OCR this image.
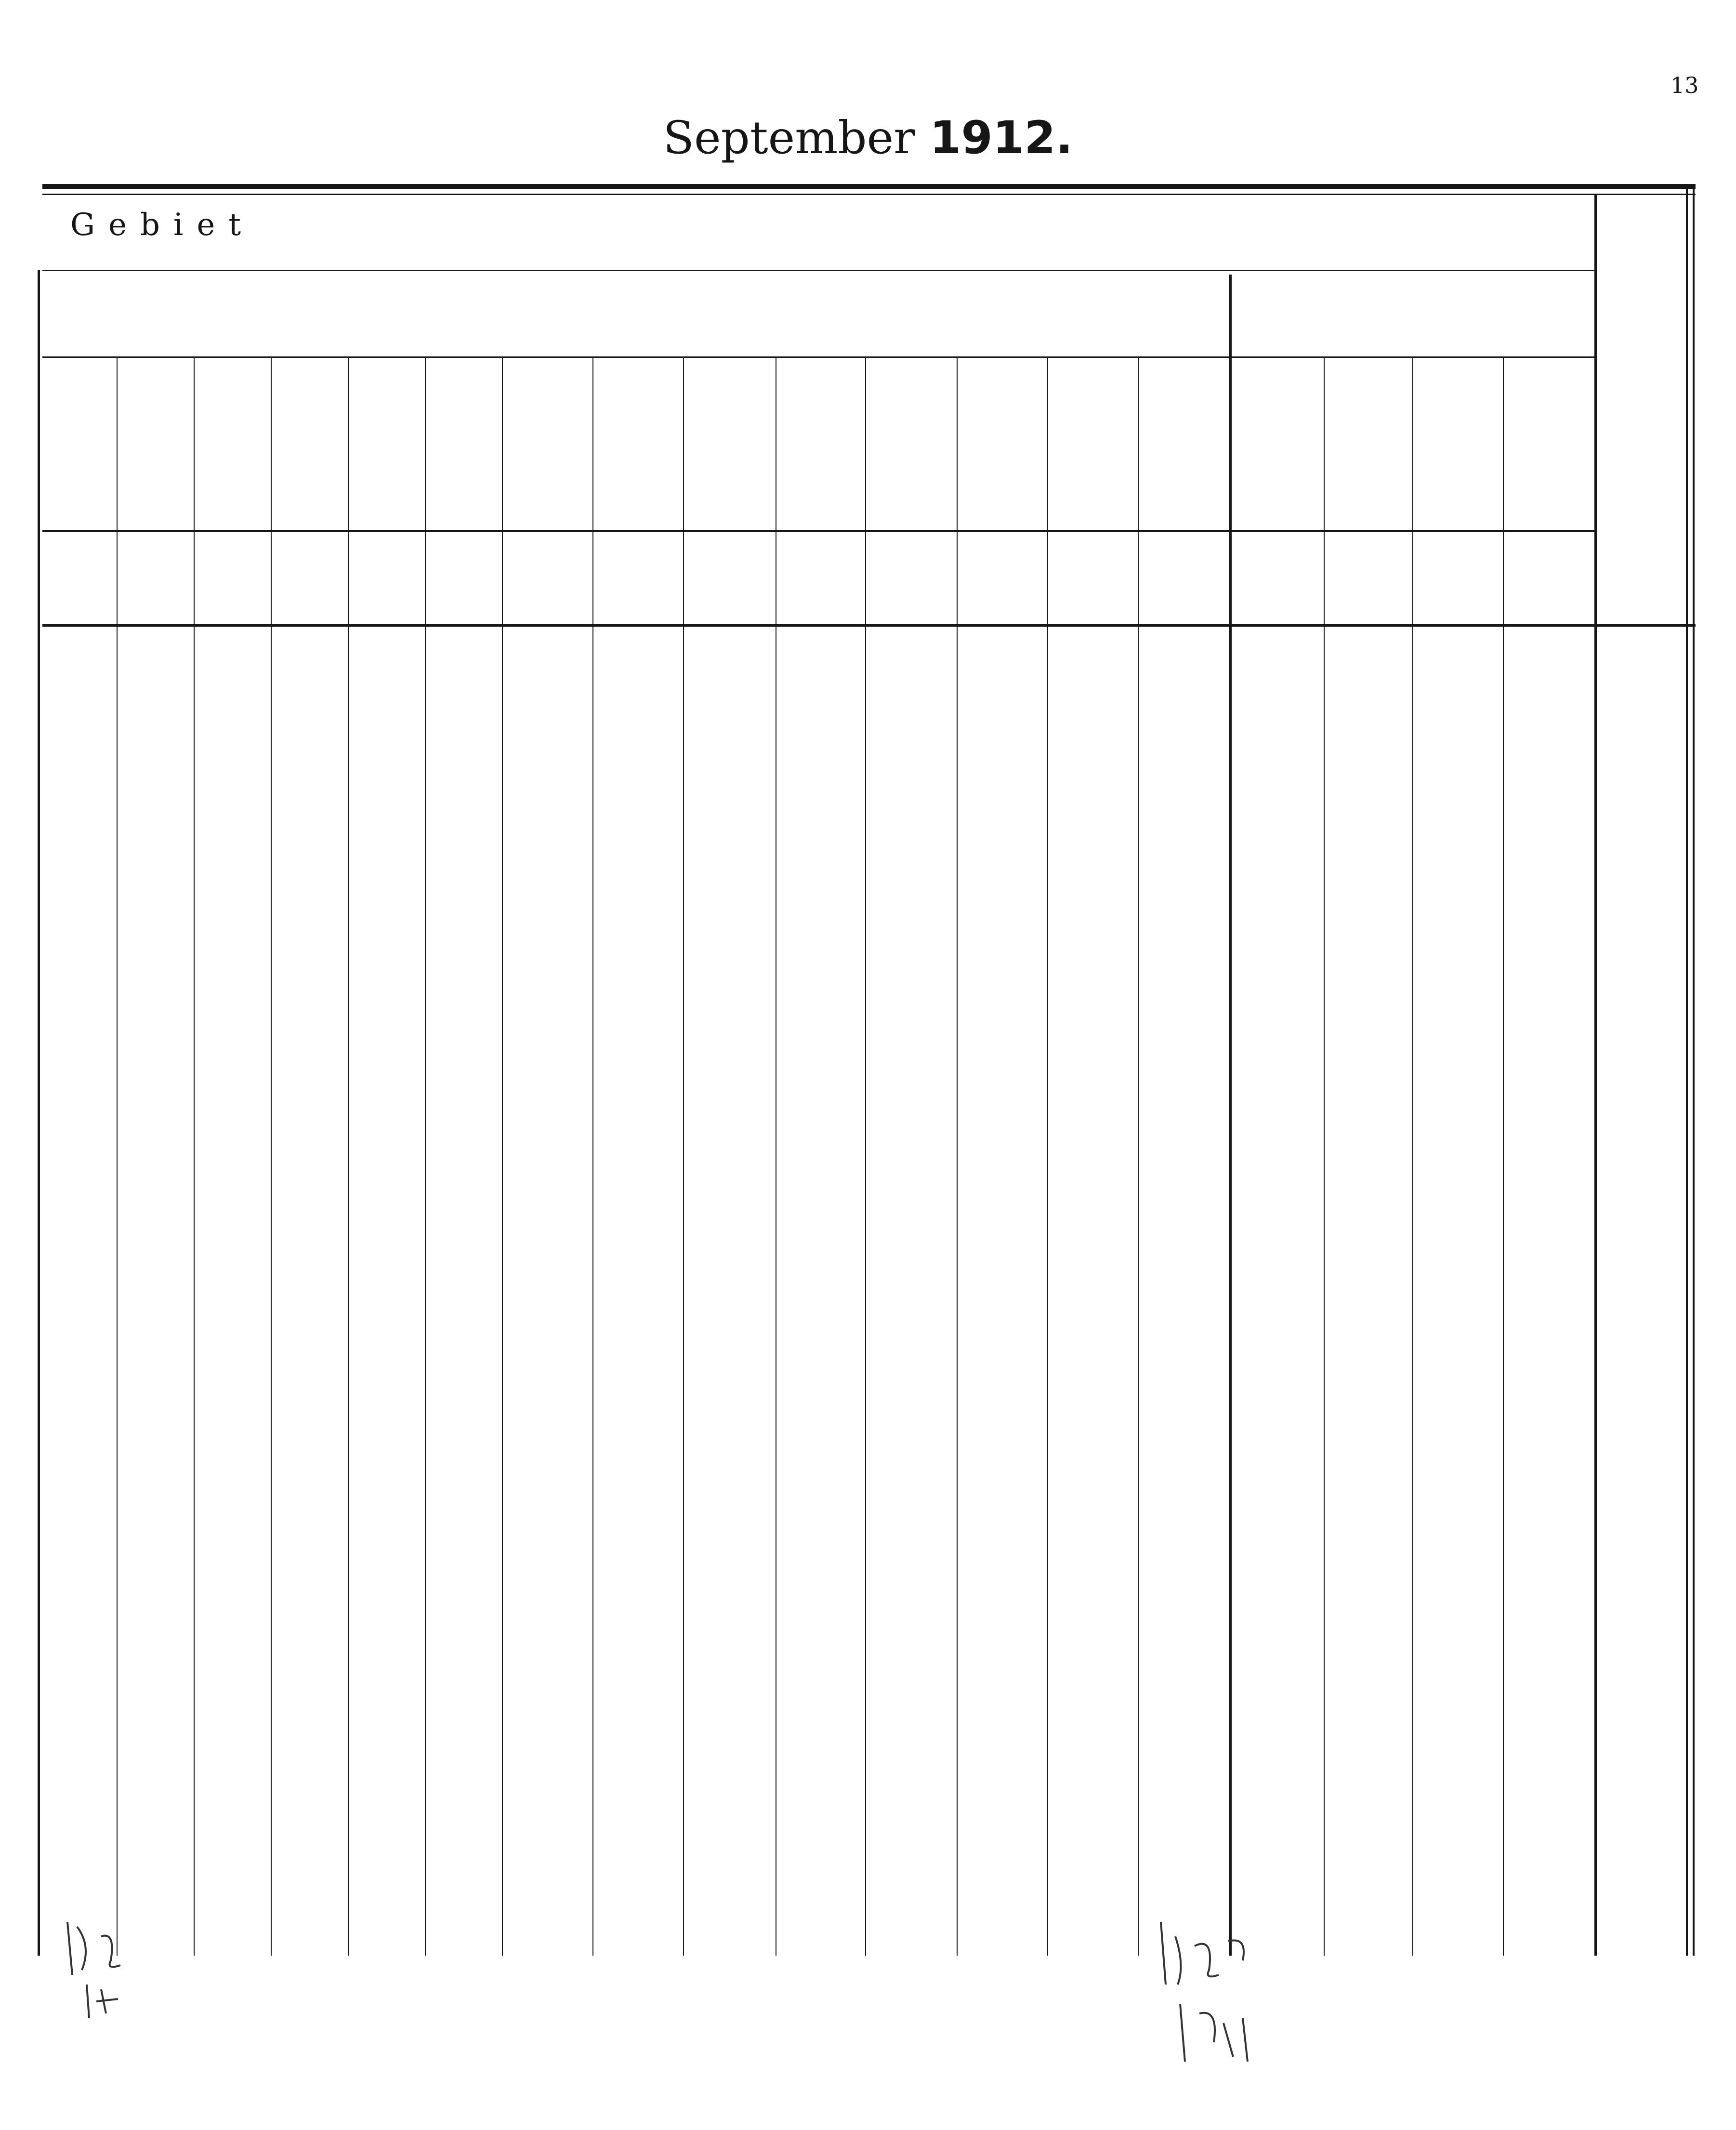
13
September 1912.
Gebiet
